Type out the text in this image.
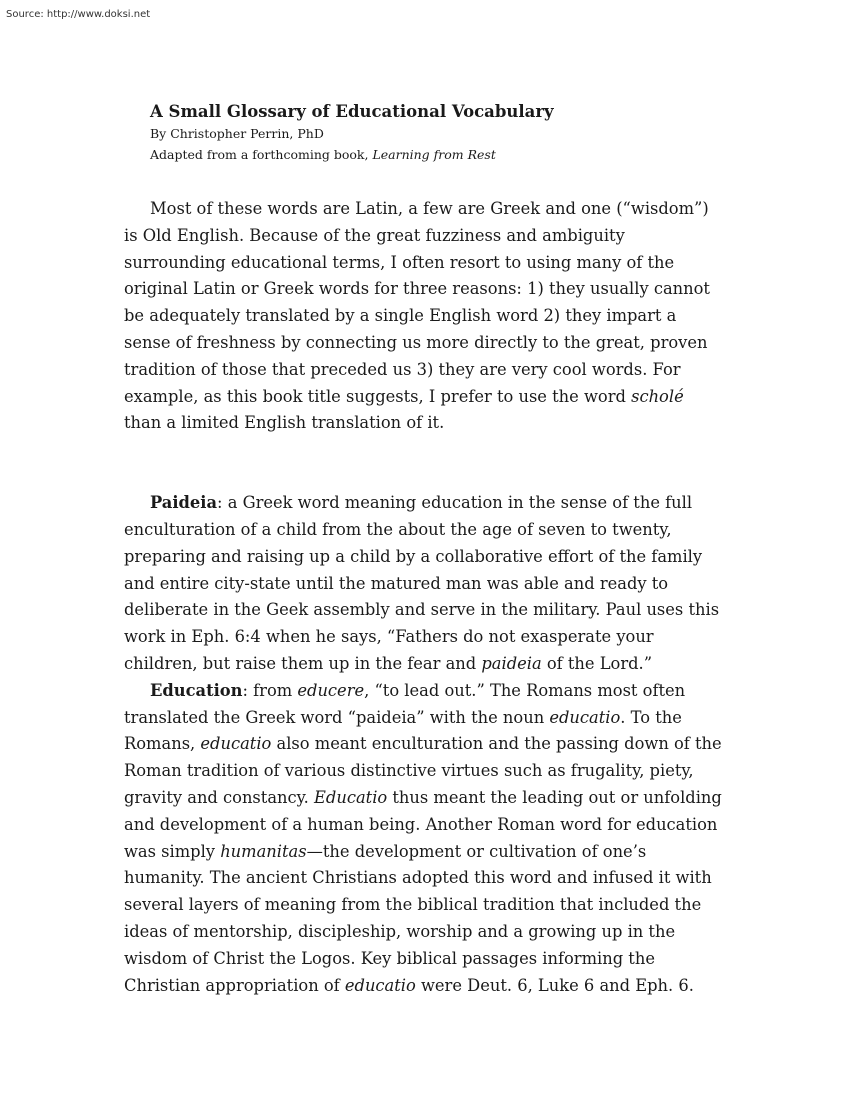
Source: http://www.doksi.net

A Small Glossary of Educational Vocabulary

By Christopher Perrin, PhD

Adapted from a forthcoming book, Learning from Rest

Most of these words are Latin, a few are Greek and one (“wisdom”) is Old English. Because of the great fuzziness and ambiguity surrounding educational terms, I often resort to using many of the original Latin or Greek words for three reasons: 1) they usually cannot be adequately translated by a single English word 2) they impart a sense of freshness by connecting us more directly to the great, proven tradition of those that preceded us 3) they are very cool words. For example, as this book title suggests, I prefer to use the word scholé than a limited English translation of it.

Paideia: a Greek word meaning education in the sense of the full enculturation of a child from the about the age of seven to twenty, preparing and raising up a child by a collaborative effort of the family and entire city-state until the matured man was able and ready to deliberate in the Geek assembly and serve in the military. Paul uses this work in Eph. 6:4 when he says, “Fathers do not exasperate your children, but raise them up in the fear and paideia of the Lord.”

Education: from educere, “to lead out.” The Romans most often translated the Greek word “paideia” with the noun educatio. To the Romans, educatio also meant enculturation and the passing down of the Roman tradition of various distinctive virtues such as frugality, piety, gravity and constancy. Educatio thus meant the leading out or unfolding and development of a human being. Another Roman word for education was simply humanitas—the development or cultivation of one’s humanity. The ancient Christians adopted this word and infused it with several layers of meaning from the biblical tradition that included the ideas of mentorship, discipleship, worship and a growing up in the wisdom of Christ the Logos. Key biblical passages informing the Christian appropriation of educatio were Deut. 6, Luke 6 and Eph. 6.
